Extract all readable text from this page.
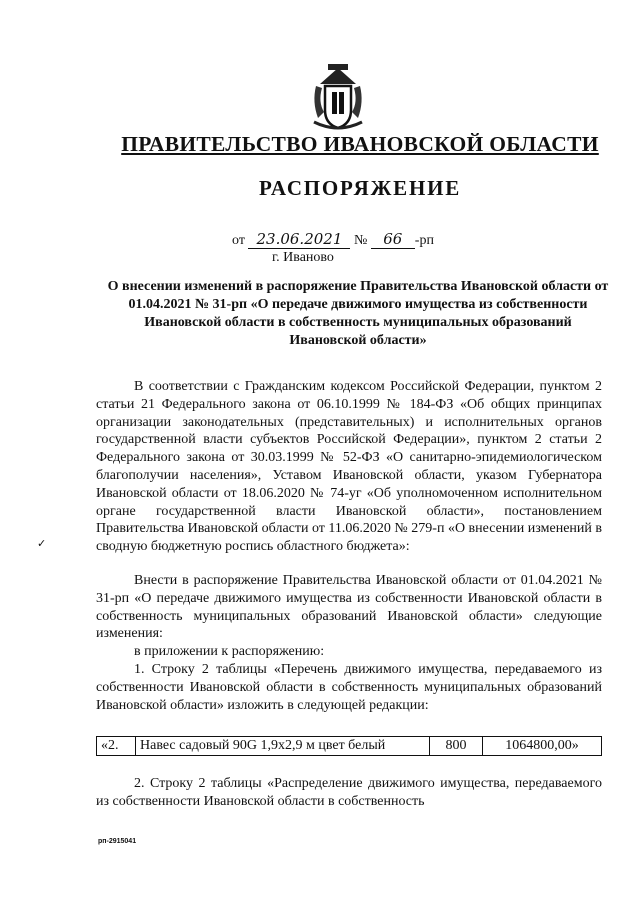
ПРАВИТЕЛЬСТВО ИВАНОВСКОЙ ОБЛАСТИ
РАСПОРЯЖЕНИЕ
от 23.06.2021 № 66 -рп
г. Иваново
О внесении изменений в распоряжение Правительства Ивановской области от 01.04.2021 № 31-рп «О передаче движимого имущества из собственности Ивановской области в собственность муниципальных образований Ивановской области»

В соответствии с Гражданским кодексом Российской Федерации, пунктом 2 статьи 21 Федерального закона от 06.10.1999 № 184-ФЗ «Об общих принципах организации законодательных (представительных) и исполнительных органов государственной власти субъектов Российской Федерации», пунктом 2 статьи 2 Федерального закона от 30.03.1999 № 52-ФЗ «О санитарно-эпидемиологическом благополучии населения», Уставом Ивановской области, указом Губернатора Ивановской области от 18.06.2020 № 74-уг «Об уполномоченном исполнительном органе государственной власти Ивановской области», постановлением Правительства Ивановской области от 11.06.2020 № 279-п «О внесении изменений в сводную бюджетную роспись областного бюджета»:

Внести в распоряжение Правительства Ивановской области от 01.04.2021 № 31-рп «О передаче движимого имущества из собственности Ивановской области в собственность муниципальных образований Ивановской области» следующие изменения:

в приложении к распоряжению:

1. Строку 2 таблицы «Перечень движимого имущества, передаваемого из собственности Ивановской области в собственность муниципальных образований Ивановской области» изложить в следующей редакции:

«2.	Навес садовый 90G 1,9х2,9 м цвет белый	800	1064800,00»

2. Строку 2 таблицы «Распределение движимого имущества, передаваемого из собственности Ивановской области в собственность

✓
рп-2915041
